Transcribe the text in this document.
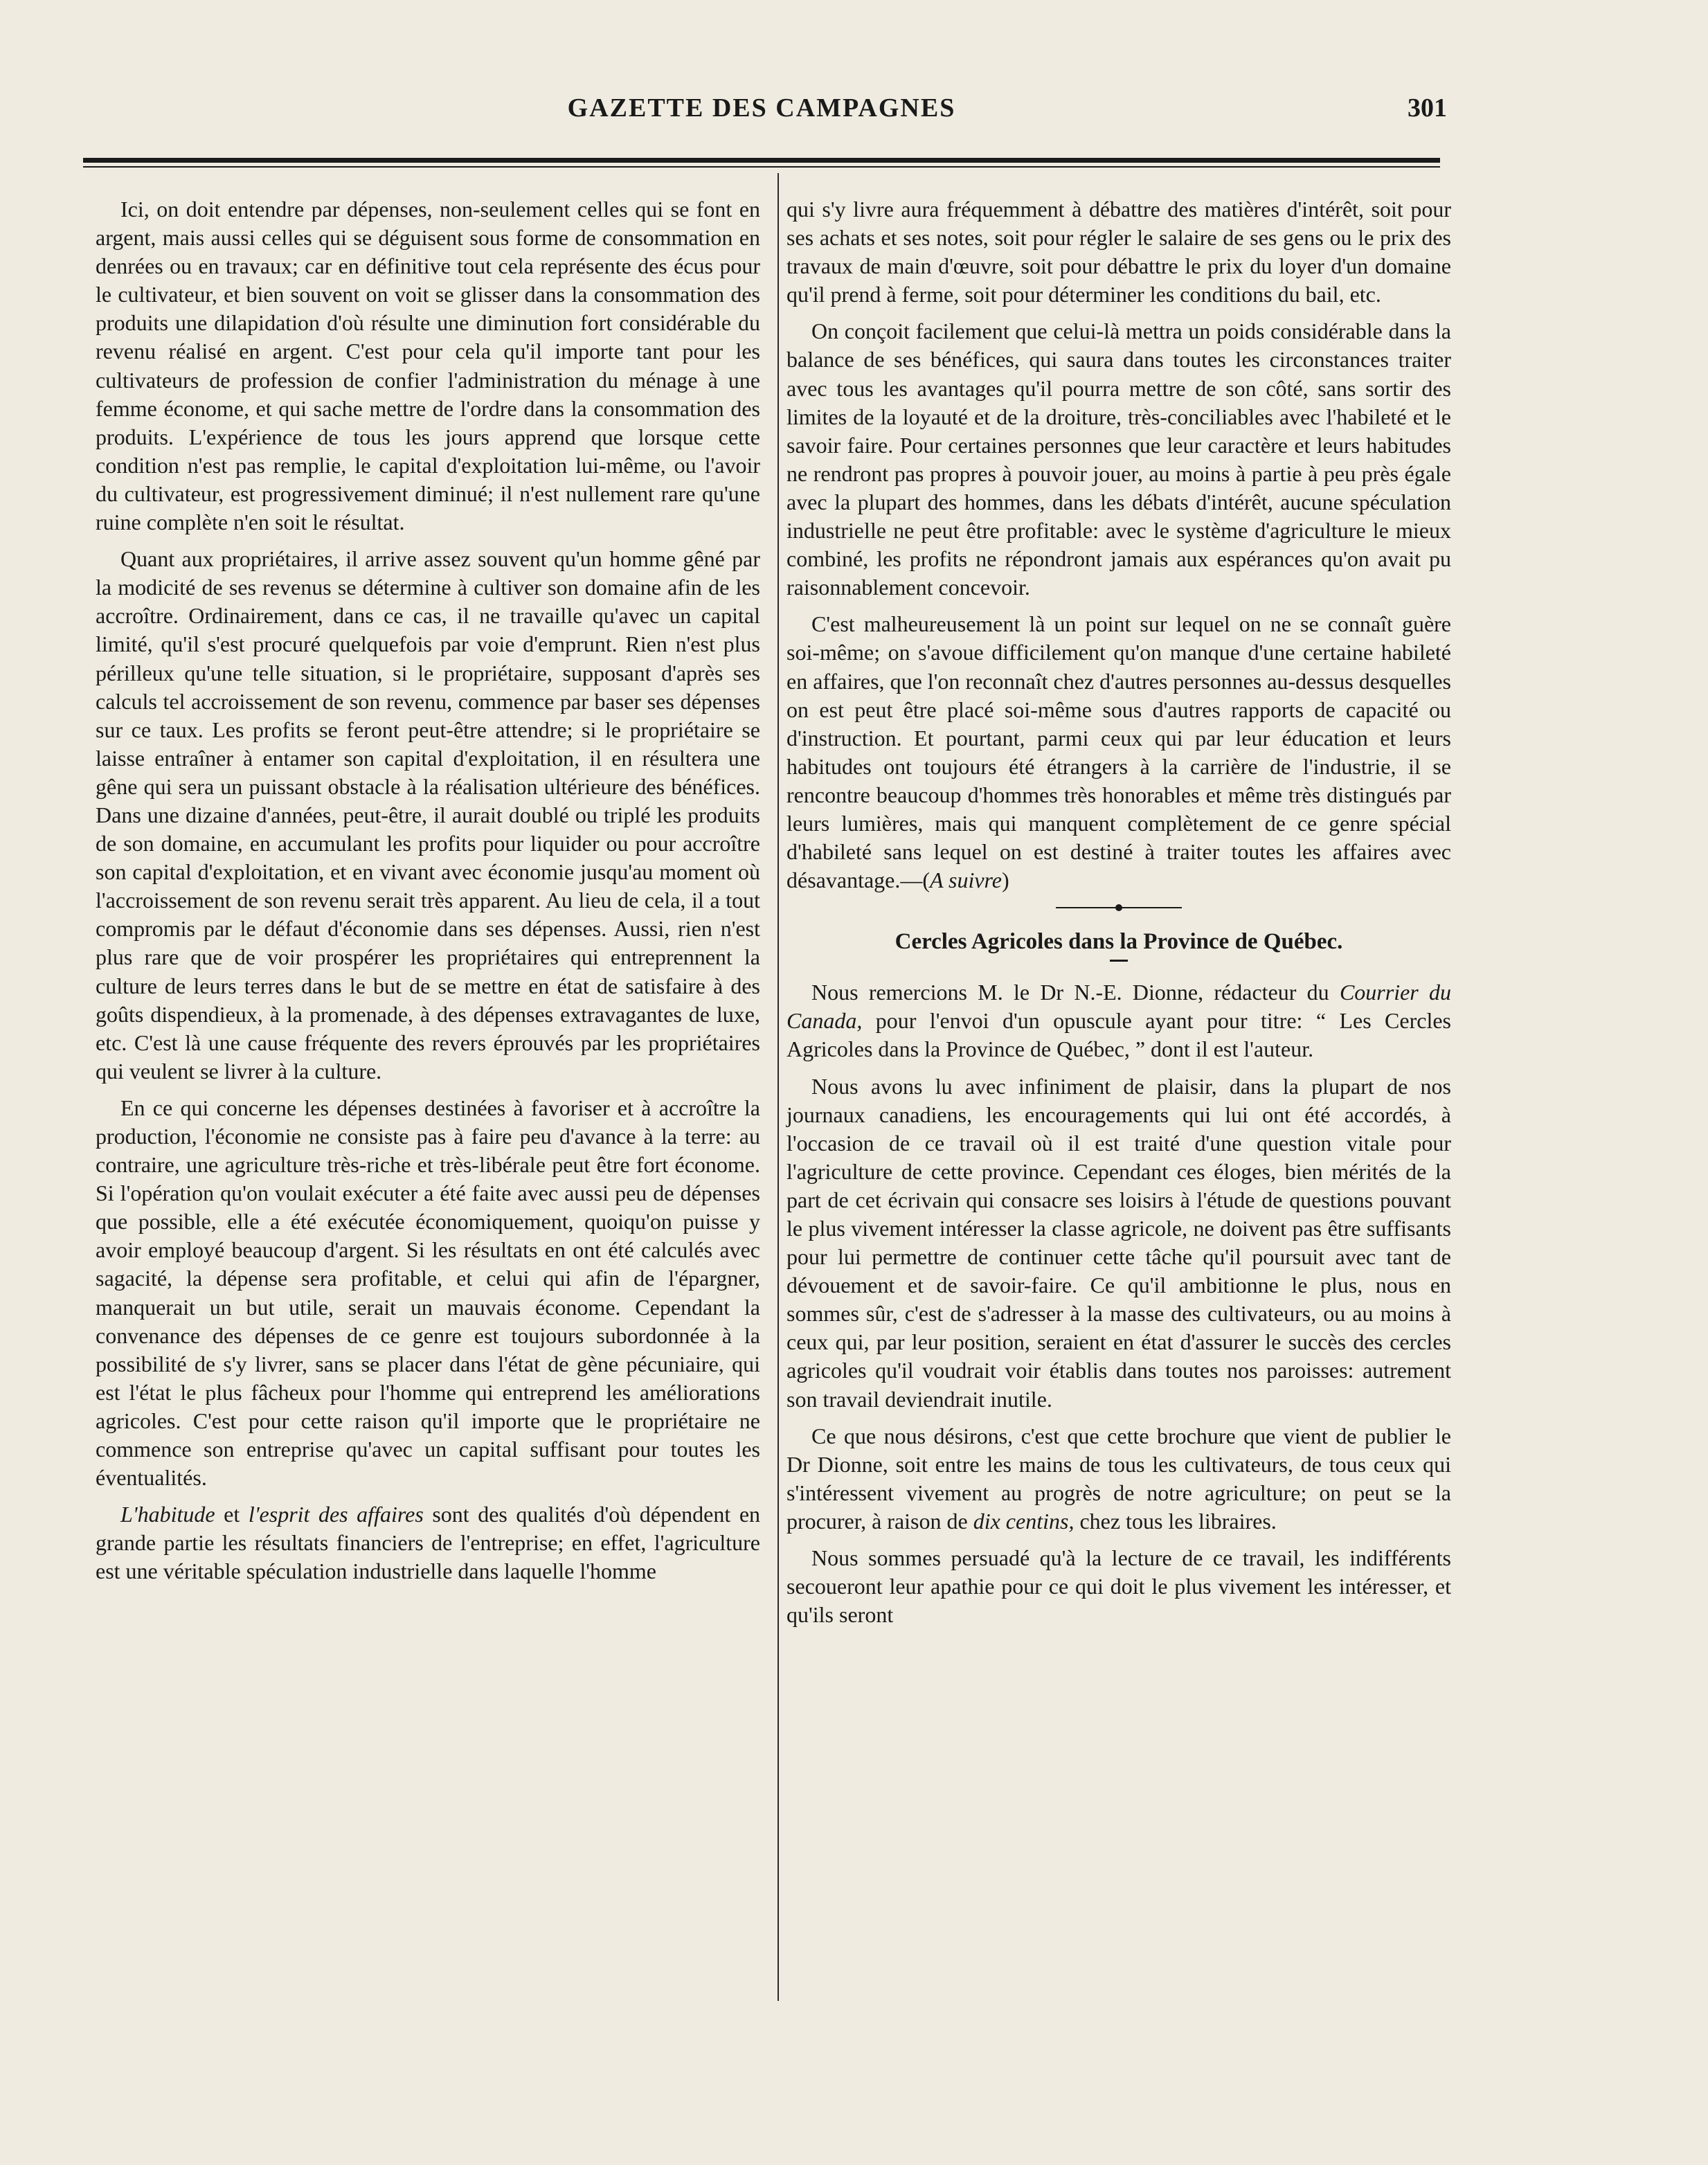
GAZETTE DES CAMPAGNES	301

Ici, on doit entendre par dépenses, non-seulement celles qui se font en argent, mais aussi celles qui se déguisent sous forme de consommation en denrées ou en travaux; car en définitive tout cela représente des écus pour le cultivateur, et bien souvent on voit se glisser dans la consommation des produits une dilapidation d'où résulte une diminution fort considérable du revenu réalisé en argent. C'est pour cela qu'il importe tant pour les cultivateurs de profession de confier l'administration du ménage à une femme économe, et qui sache mettre de l'ordre dans la consommation des produits. L'expérience de tous les jours apprend que lorsque cette condition n'est pas remplie, le capital d'exploitation lui-même, ou l'avoir du cultivateur, est progressivement diminué; il n'est nullement rare qu'une ruine complète n'en soit le résultat.

Quant aux propriétaires, il arrive assez souvent qu'un homme gêné par la modicité de ses revenus se détermine à cultiver son domaine afin de les accroître. Ordinairement, dans ce cas, il ne travaille qu'avec un capital limité, qu'il s'est procuré quelquefois par voie d'emprunt. Rien n'est plus périlleux qu'une telle situation, si le propriétaire, supposant d'après ses calculs tel accroissement de son revenu, commence par baser ses dépenses sur ce taux. Les profits se feront peut-être attendre; si le propriétaire se laisse entraîner à entamer son capital d'exploitation, il en résultera une gêne qui sera un puissant obstacle à la réalisation ultérieure des bénéfices. Dans une dizaine d'années, peut-être, il aurait doublé ou triplé les produits de son domaine, en accumulant les profits pour liquider ou pour accroître son capital d'exploitation, et en vivant avec économie jusqu'au moment où l'accroissement de son revenu serait très apparent. Au lieu de cela, il a tout compromis par le défaut d'économie dans ses dépenses. Aussi, rien n'est plus rare que de voir prospérer les propriétaires qui entreprennent la culture de leurs terres dans le but de se mettre en état de satisfaire à des goûts dispendieux, à la promenade, à des dépenses extravagantes de luxe, etc. C'est là une cause fréquente des revers éprouvés par les propriétaires qui veulent se livrer à la culture.

En ce qui concerne les dépenses destinées à favoriser et à accroître la production, l'économie ne consiste pas à faire peu d'avance à la terre: au contraire, une agriculture très-riche et très-libérale peut être fort économe. Si l'opération qu'on voulait exécuter a été faite avec aussi peu de dépenses que possible, elle a été exécutée économiquement, quoiqu'on puisse y avoir employé beaucoup d'argent. Si les résultats en ont été calculés avec sagacité, la dépense sera profitable, et celui qui afin de l'épargner, manquerait un but utile, serait un mauvais économe. Cependant la convenance des dépenses de ce genre est toujours subordonnée à la possibilité de s'y livrer, sans se placer dans l'état de gène pécuniaire, qui est l'état le plus fâcheux pour l'homme qui entreprend les améliorations agricoles. C'est pour cette raison qu'il importe que le propriétaire ne commence son entreprise qu'avec un capital suffisant pour toutes les éventualités.

L'habitude et l'esprit des affaires sont des qualités d'où dépendent en grande partie les résultats financiers de l'entreprise; en effet, l'agriculture est une véritable spéculation industrielle dans laquelle l'homme

qui s'y livre aura fréquemment à débattre des matières d'intérêt, soit pour ses achats et ses notes, soit pour régler le salaire de ses gens ou le prix des travaux de main d'œuvre, soit pour débattre le prix du loyer d'un domaine qu'il prend à ferme, soit pour déterminer les conditions du bail, etc.

On conçoit facilement que celui-là mettra un poids considérable dans la balance de ses bénéfices, qui saura dans toutes les circonstances traiter avec tous les avantages qu'il pourra mettre de son côté, sans sortir des limites de la loyauté et de la droiture, très-conciliables avec l'habileté et le savoir faire. Pour certaines personnes que leur caractère et leurs habitudes ne rendront pas propres à pouvoir jouer, au moins à partie à peu près égale avec la plupart des hommes, dans les débats d'intérêt, aucune spéculation industrielle ne peut être profitable: avec le système d'agriculture le mieux combiné, les profits ne répondront jamais aux espérances qu'on avait pu raisonnablement concevoir.

C'est malheureusement là un point sur lequel on ne se connaît guère soi-même; on s'avoue difficilement qu'on manque d'une certaine habileté en affaires, que l'on reconnaît chez d'autres personnes au-dessus desquelles on est peut être placé soi-même sous d'autres rapports de capacité ou d'instruction. Et pourtant, parmi ceux qui par leur éducation et leurs habitudes ont toujours été étrangers à la carrière de l'industrie, il se rencontre beaucoup d'hommes très honorables et même très distingués par leurs lumières, mais qui manquent complètement de ce genre spécial d'habileté sans lequel on est destiné à traiter toutes les affaires avec désavantage.—(A suivre)

Cercles Agricoles dans la Province de Québec.

Nous remercions M. le Dr N.-E. Dionne, rédacteur du Courrier du Canada, pour l'envoi d'un opuscule ayant pour titre: “ Les Cercles Agricoles dans la Province de Québec, ” dont il est l'auteur.

Nous avons lu avec infiniment de plaisir, dans la plupart de nos journaux canadiens, les encouragements qui lui ont été accordés, à l'occasion de ce travail où il est traité d'une question vitale pour l'agriculture de cette province. Cependant ces éloges, bien mérités de la part de cet écrivain qui consacre ses loisirs à l'étude de questions pouvant le plus vivement intéresser la classe agricole, ne doivent pas être suffisants pour lui permettre de continuer cette tâche qu'il poursuit avec tant de dévouement et de savoir-faire. Ce qu'il ambitionne le plus, nous en sommes sûr, c'est de s'adresser à la masse des cultivateurs, ou au moins à ceux qui, par leur position, seraient en état d'assurer le succès des cercles agricoles qu'il voudrait voir établis dans toutes nos paroisses: autrement son travail deviendrait inutile.

Ce que nous désirons, c'est que cette brochure que vient de publier le Dr Dionne, soit entre les mains de tous les cultivateurs, de tous ceux qui s'intéressent vivement au progrès de notre agriculture; on peut se la procurer, à raison de dix centins, chez tous les libraires.

Nous sommes persuadé qu'à la lecture de ce travail, les indifférents secoueront leur apathie pour ce qui doit le plus vivement les intéresser, et qu'ils seront
